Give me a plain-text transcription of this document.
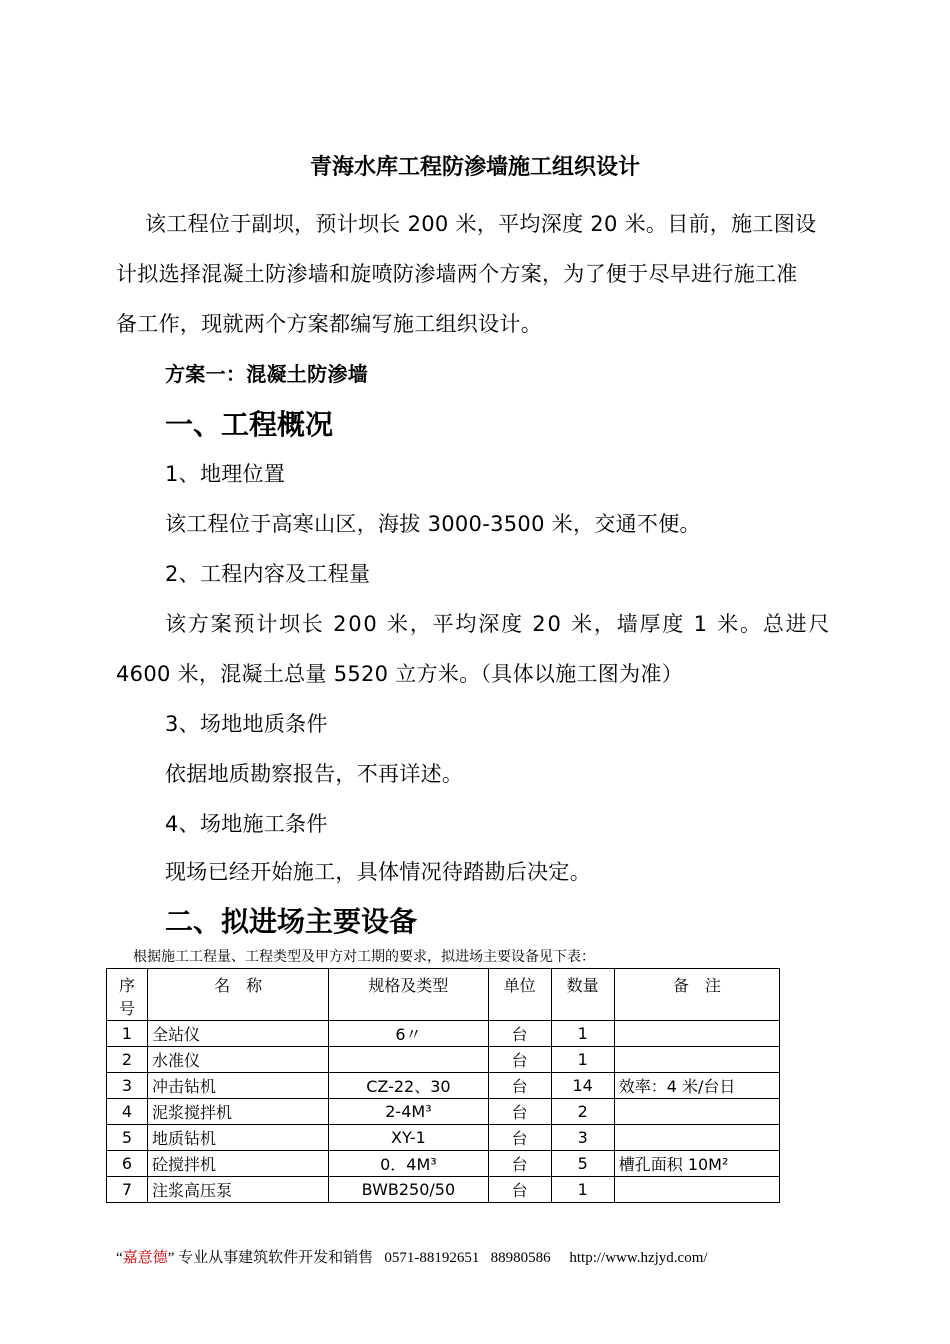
青海水库工程防渗墙施工组织设计
该工程位于副坝，预计坝长 200 米，平均深度 20 米。目前，施工图设
计拟选择混凝土防渗墙和旋喷防渗墙两个方案，为了便于尽早进行施工准
备工作，现就两个方案都编写施工组织设计。
方案一：混凝土防渗墙
一、工程概况
1、地理位置
该工程位于高寒山区，海拔 3000-3500 米，交通不便。
2、工程内容及工程量
该方案预计坝长 200 米，平均深度 20 米，墙厚度 1 米。总进尺
4600 米，混凝土总量 5520 立方米。（具体以施工图为准）
3、场地地质条件
依据地质勘察报告，不再详述。
4、场地施工条件
现场已经开始施工，具体情况待踏勘后决定。
二、拟进场主要设备
根据施工工程量、工程类型及甲方对工期的要求，拟进场主要设备见下表：
序
号	名　称	规格及类型	单位	数量	备　注
1	全站仪	6〃	台	1	
2	水准仪		台	1	
3	冲击钻机	CZ-22、30	台	14	效率：4 米/台日
4	泥浆搅拌机	2-4M³	台	2	
5	地质钻机	XY-1	台	3	
6	砼搅拌机	0．4M³	台	5	槽孔面积 10M²
7	注浆高压泵	BWB250/50	台	1	
“嘉意德” 专业从事建筑软件开发和销售   0571-88192651   88980586     http://www.hzjyd.com/
